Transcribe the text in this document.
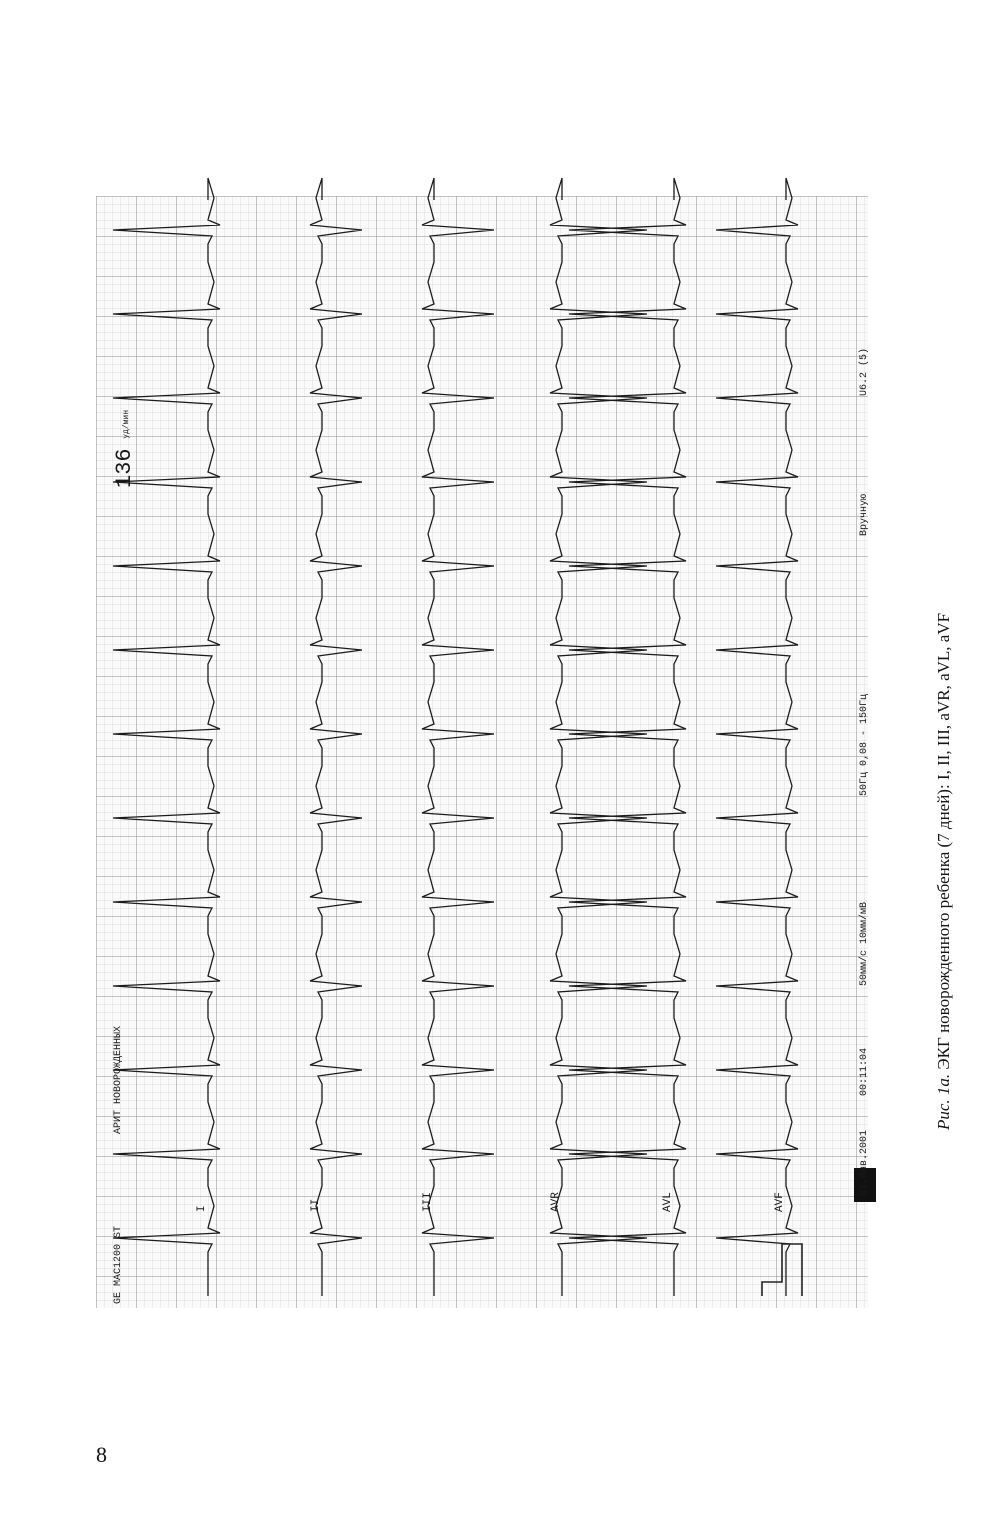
GE MAC1200 ST
АРИТ НОВОРОЖДЕННЫХ
136 уд/мин
I	II	III	AVR	AVL	AVF
01.Янв.2001
00:11:04
50мм/с 10мм/мВ
50Гц 0,08 - 150Гц
Вручную
U6.2 (5)
Рис. 1а. ЭКГ новорожденного ребенка (7 дней): I, II, III, aVR, aVL, aVF
8
